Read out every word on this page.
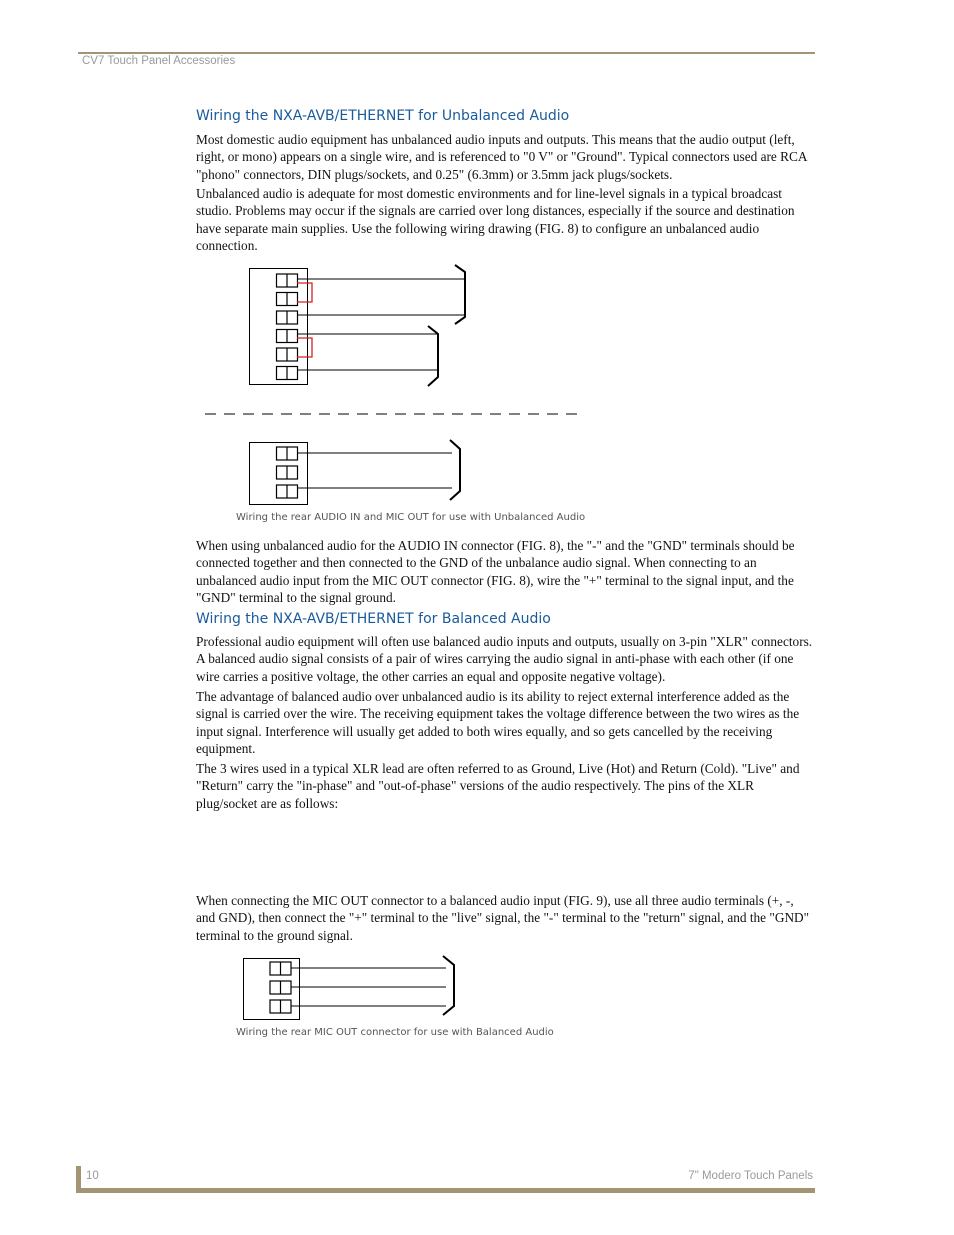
CV7 Touch Panel Accessories
Wiring the NXA-AVB/ETHERNET for Unbalanced Audio

Most domestic audio equipment has unbalanced audio inputs and outputs. This means that the audio output (left, right, or mono) appears on a single wire, and is referenced to "0 V" or "Ground". Typical connectors used are RCA "phono" connectors, DIN plugs/sockets, and 0.25" (6.3mm) or 3.5mm jack plugs/sockets.

Unbalanced audio is adequate for most domestic environments and for line-level signals in a typical broadcast studio. Problems may occur if the signals are carried over long distances, especially if the source and destination have separate main supplies. Use the following wiring drawing (FIG. 8) to configure an unbalanced audio connection.

Wiring the rear AUDIO IN and MIC OUT for use with Unbalanced Audio

When using unbalanced audio for the AUDIO IN connector (FIG. 8), the "-" and the "GND" terminals should be connected together and then connected to the GND of the unbalance audio signal. When connecting to an unbalanced audio input from the MIC OUT connector (FIG. 8), wire the "+" terminal to the signal input, and the "GND" terminal to the signal ground.

Wiring the NXA-AVB/ETHERNET for Balanced Audio

Professional audio equipment will often use balanced audio inputs and outputs, usually on 3-pin "XLR" connectors. A balanced audio signal consists of a pair of wires carrying the audio signal in anti-phase with each other (if one wire carries a positive voltage, the other carries an equal and opposite negative voltage).

The advantage of balanced audio over unbalanced audio is its ability to reject external interference added as the signal is carried over the wire. The receiving equipment takes the voltage difference between the two wires as the input signal. Interference will usually get added to both wires equally, and so gets cancelled by the receiving equipment.

The 3 wires used in a typical XLR lead are often referred to as Ground, Live (Hot) and Return (Cold). "Live" and "Return" carry the "in-phase" and "out-of-phase" versions of the audio respectively. The pins of the XLR plug/socket are as follows:

When connecting the MIC OUT connector to a balanced audio input (FIG. 9), use all three audio terminals (+, -, and GND), then connect the "+" terminal to the "live" signal, the "-" terminal to the "return" signal, and the "GND" terminal to the ground signal.

Wiring the rear MIC OUT connector for use with Balanced Audio
10	7" Modero Touch Panels
